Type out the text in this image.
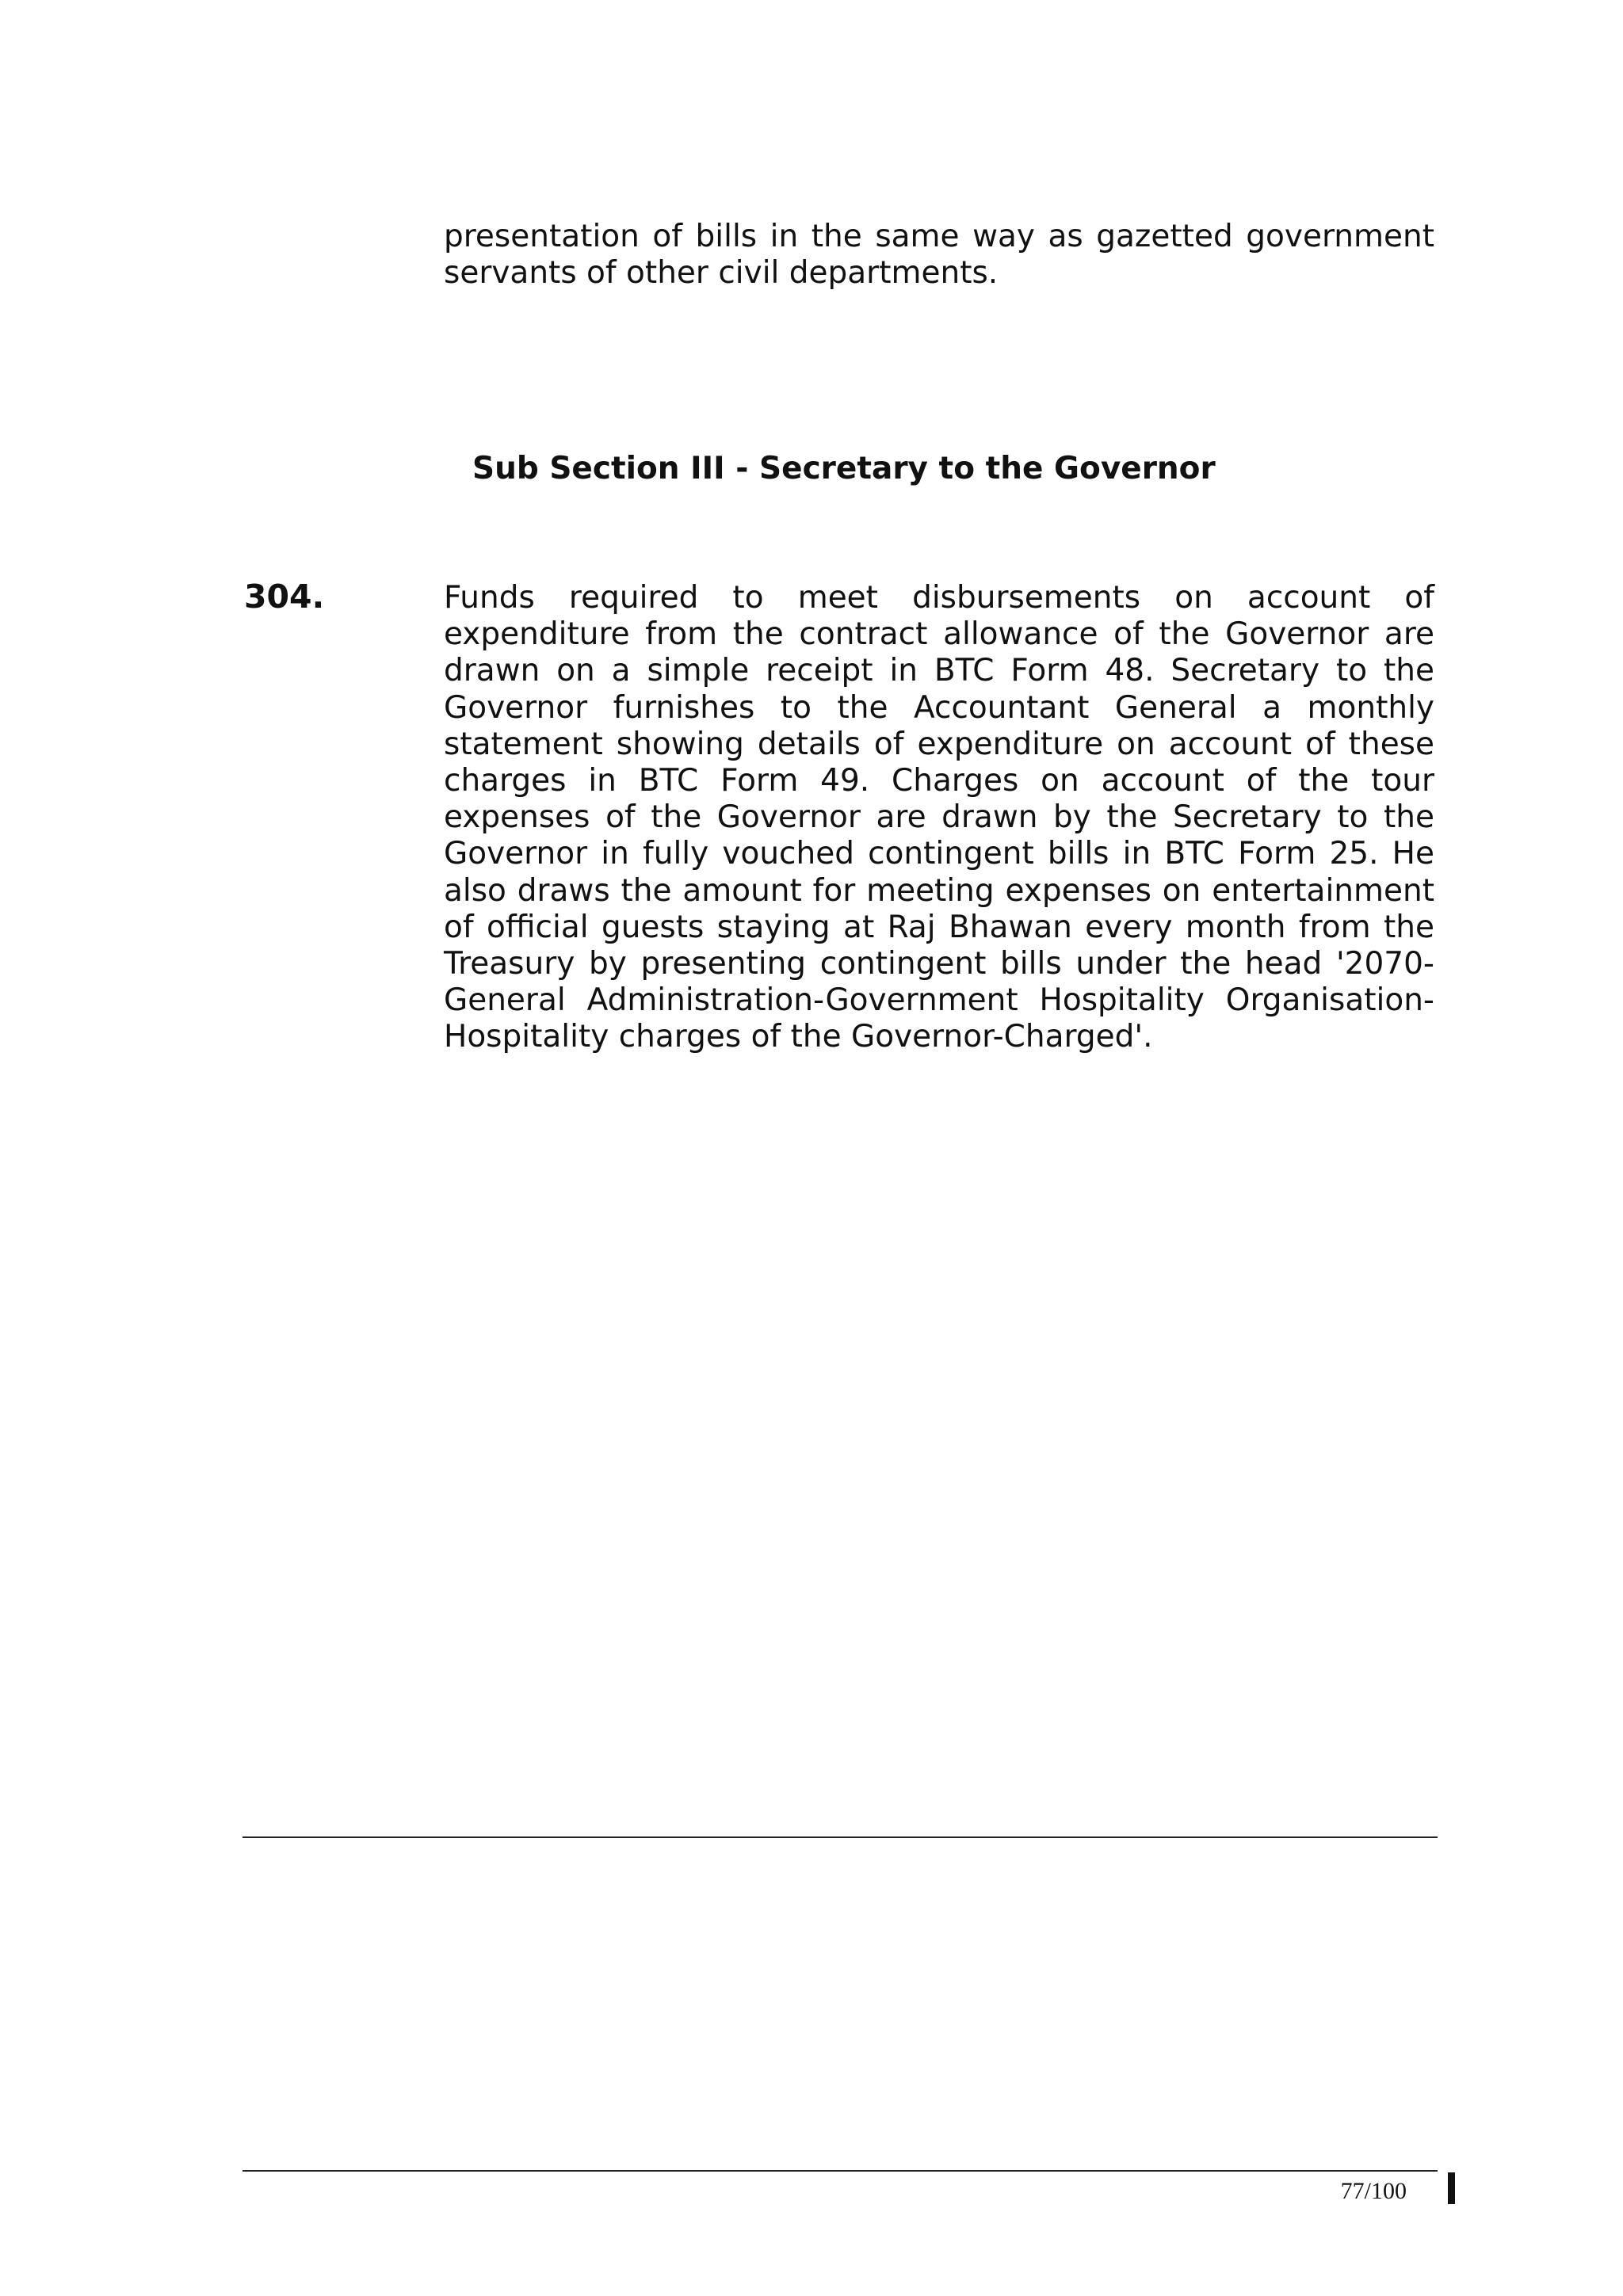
presentation of bills in the same way as gazetted government servants of other civil departments.

Sub Section III - Secretary to the Governor
304.	Funds required to meet disbursements on account of expenditure from the contract allowance of the Governor are drawn on a simple receipt in BTC Form 48. Secretary to the Governor furnishes to the Accountant General a monthly statement showing details of expenditure on account of these charges in BTC Form 49. Charges on account of the tour expenses of the Governor are drawn by the Secretary to the Governor in fully vouched contingent bills in BTC Form 25. He also draws the amount for meeting expenses on entertainment of official guests staying at Raj Bhawan every month from the Treasury by presenting contingent bills under the head '2070-General Administration-Government Hospitality Organisation-Hospitality charges of the Governor-Charged'.

77/100
